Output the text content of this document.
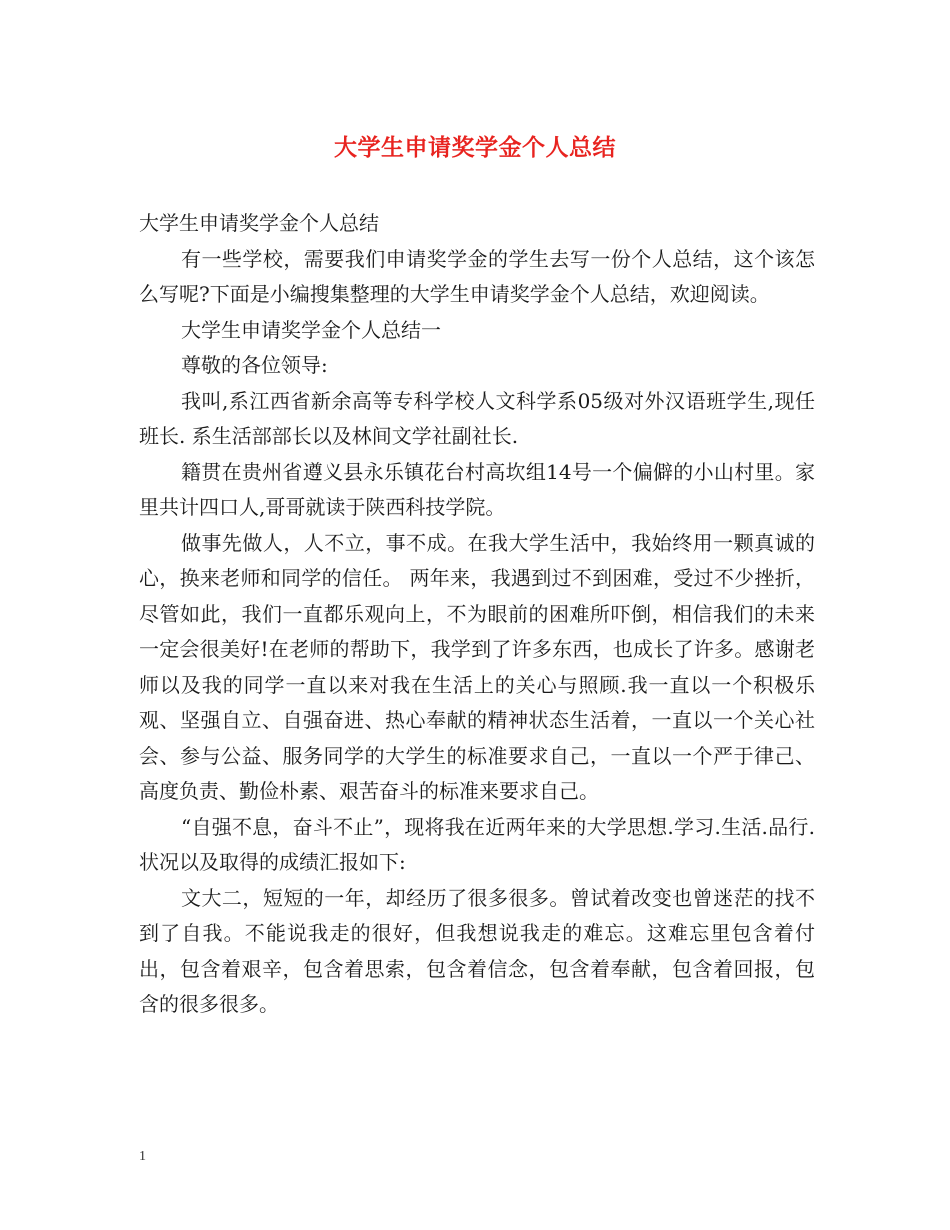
大学生申请奖学金个人总结

大学生申请奖学金个人总结

有一些学校，需要我们申请奖学金的学生去写一份个人总结，这个该怎么写呢?下面是小编搜集整理的大学生申请奖学金个人总结，欢迎阅读。

大学生申请奖学金个人总结一

尊敬的各位领导:

我叫,系江西省新余高等专科学校人文科学系05级对外汉语班学生,现任班长. 系生活部部长以及林间文学社副社长.

籍贯在贵州省遵义县永乐镇花台村高坎组14号一个偏僻的小山村里。家里共计四口人,哥哥就读于陕西科技学院。

做事先做人，人不立，事不成。在我大学生活中，我始终用一颗真诚的心，换来老师和同学的信任。 两年来，我遇到过不到困难，受过不少挫折，尽管如此，我们一直都乐观向上，不为眼前的困难所吓倒，相信我们的未来一定会很美好!在老师的帮助下，我学到了许多东西，也成长了许多。感谢老师以及我的同学一直以来对我在生活上的关心与照顾.我一直以一个积极乐观、坚强自立、自强奋进、热心奉献的精神状态生活着，一直以一个关心社会、参与公益、服务同学的大学生的标准要求自己，一直以一个严于律己、高度负责、勤俭朴素、艰苦奋斗的标准来要求自己。

“自强不息，奋斗不止”，现将我在近两年来的大学思想.学习.生活.品行.状况以及取得的成绩汇报如下:

文大二，短短的一年，却经历了很多很多。曾试着改变也曾迷茫的找不到了自我。不能说我走的很好，但我想说我走的难忘。这难忘里包含着付出，包含着艰辛，包含着思索，包含着信念，包含着奉献，包含着回报，包含的很多很多。

1
